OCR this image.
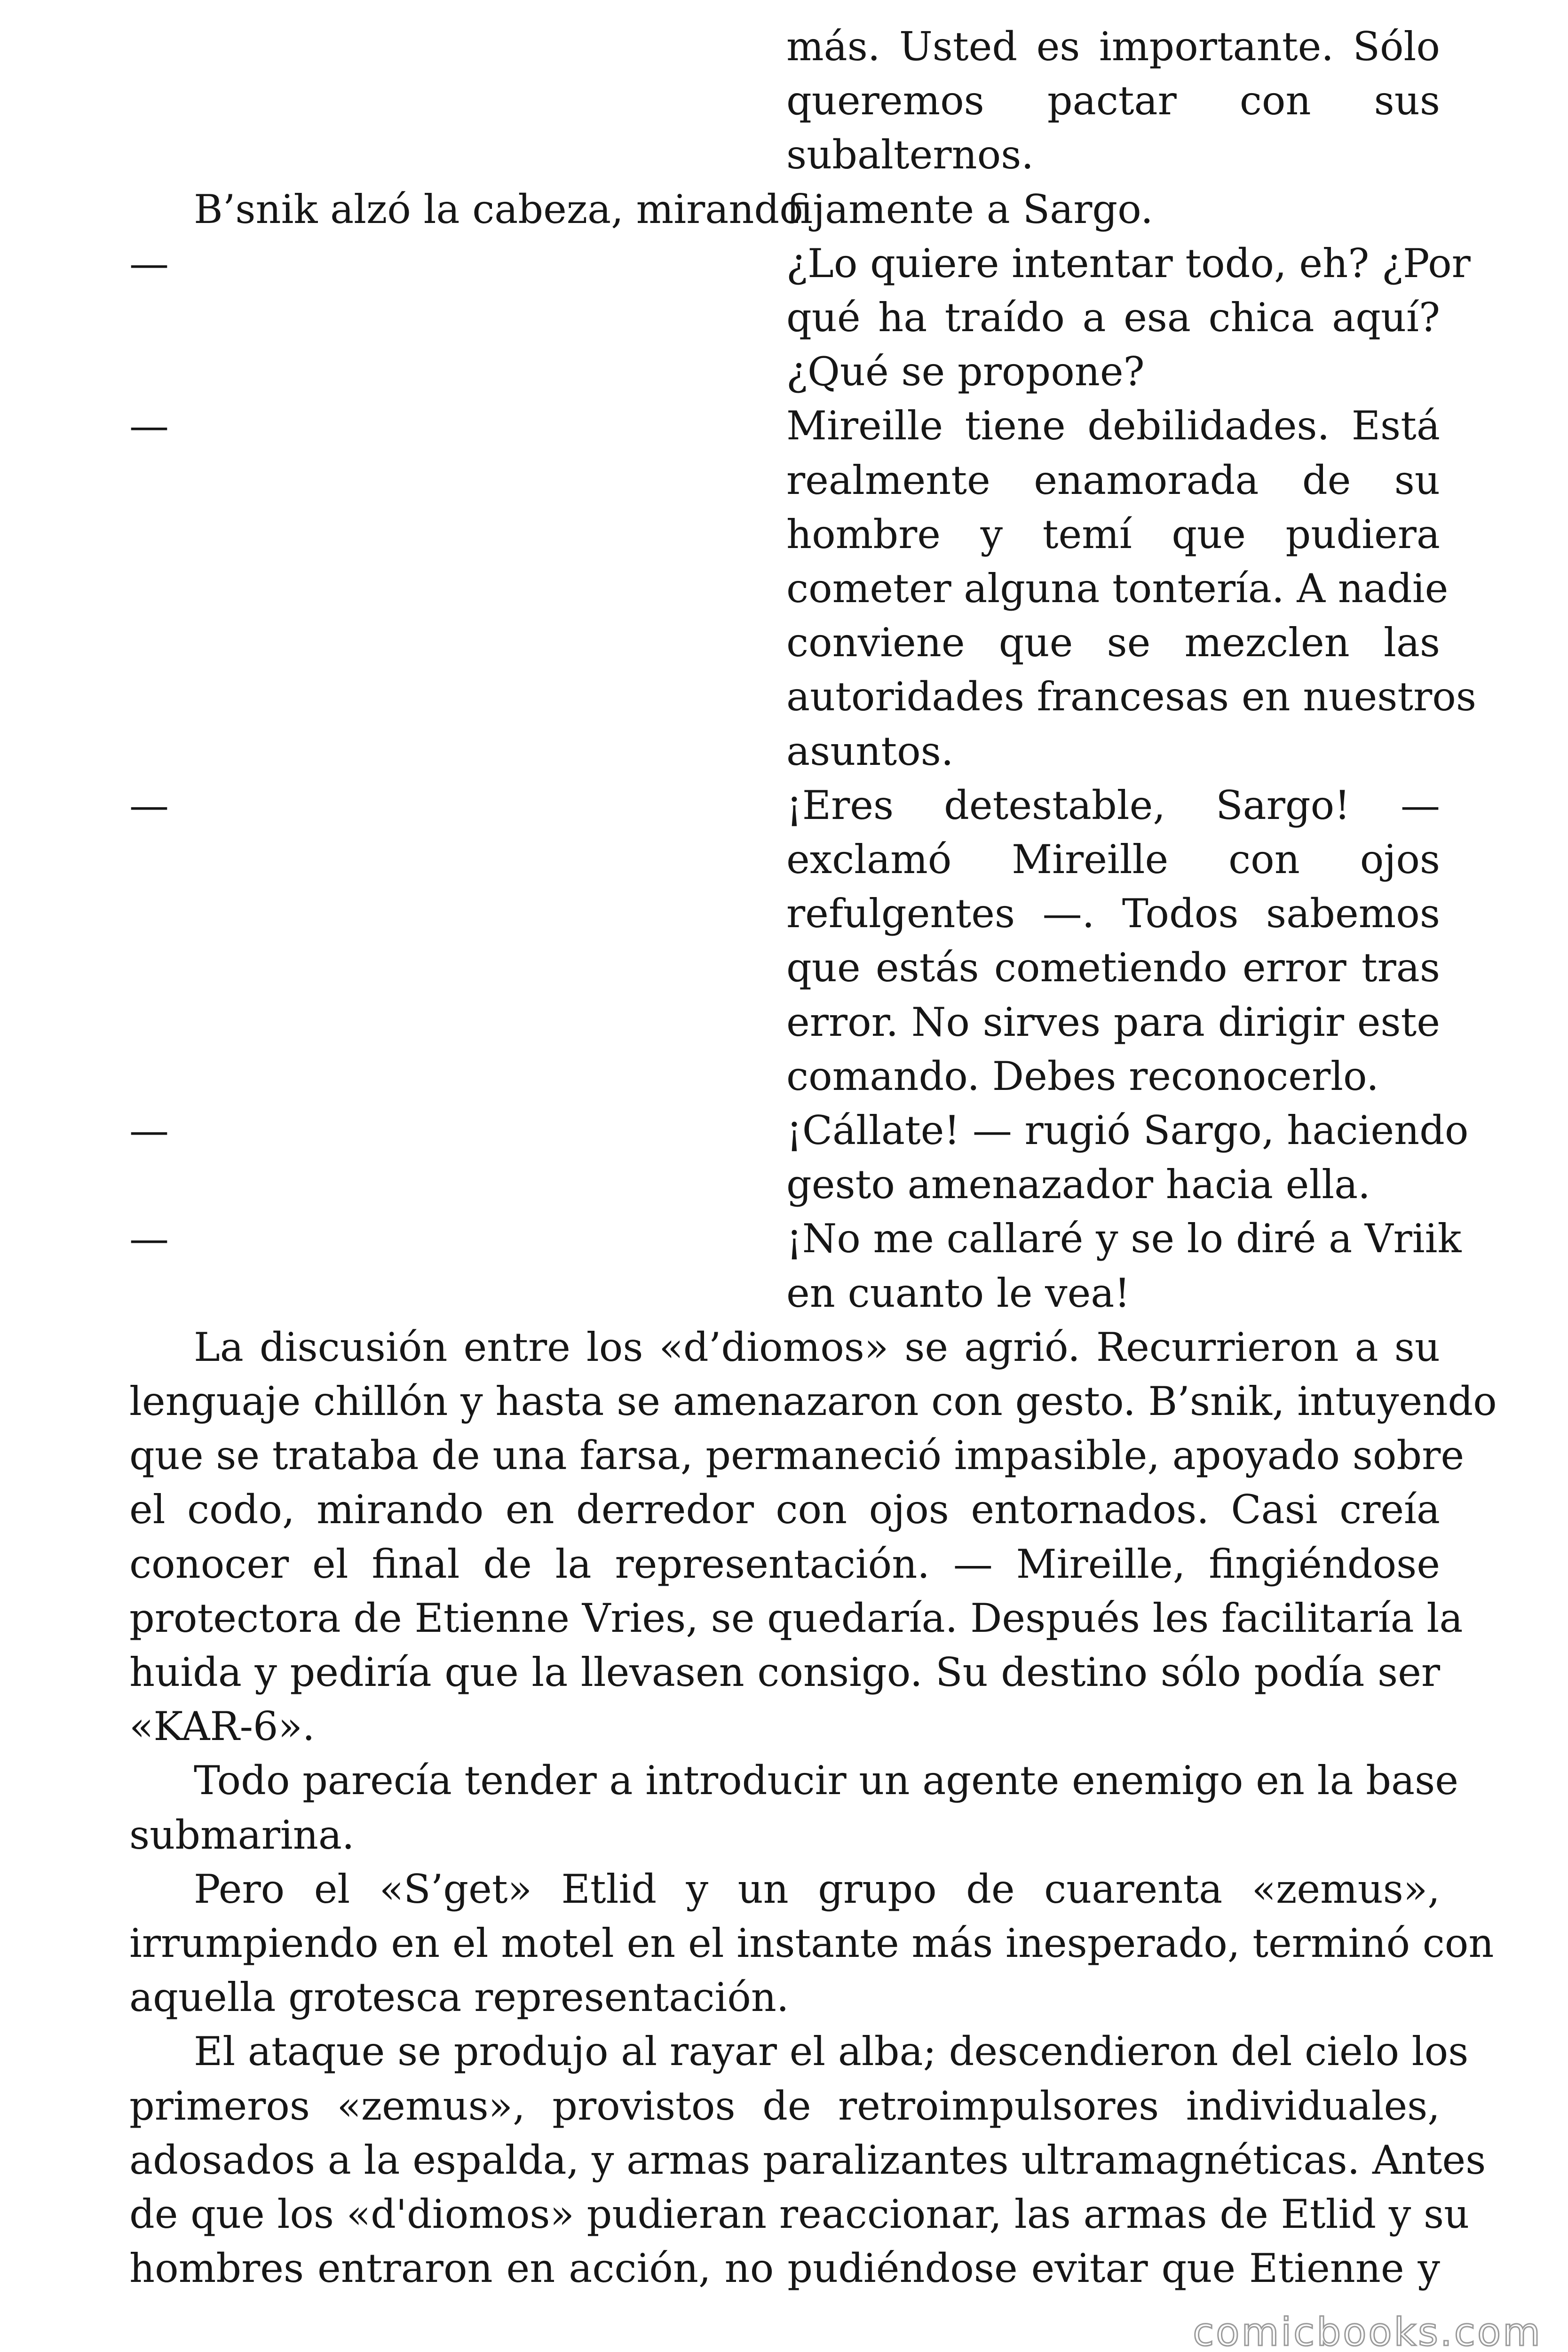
más. Usted es importante. Sólo
queremos pactar con sus
subalternos.
B’snik alzó la cabeza, mirando
fijamente a Sargo.
—	¿Lo quiere intentar todo, eh? ¿Por
qué ha traído a esa chica aquí?
¿Qué se propone?
—	Mireille tiene debilidades. Está
realmente enamorada de su
hombre y temí que pudiera
cometer alguna tontería. A nadie
conviene que se mezclen las
autoridades francesas en nuestros
asuntos.
—	¡Eres detestable, Sargo! —
exclamó Mireille con ojos
refulgentes —. Todos sabemos
que estás cometiendo error tras
error. No sirves para dirigir este
comando. Debes reconocerlo.
—	¡Cállate! — rugió Sargo, haciendo
gesto amenazador hacia ella.
—	¡No me callaré y se lo diré a Vriik
en cuanto le vea!
La discusión entre los «d’diomos» se agrió. Recurrieron a su
lenguaje chillón y hasta se amenazaron con gesto. B’snik, intuyendo
que se trataba de una farsa, permaneció impasible, apoyado sobre
el codo, mirando en derredor con ojos entornados. Casi creía
conocer el final de la representación. — Mireille, fingiéndose
protectora de Etienne Vries, se quedaría. Después les facilitaría la
huida y pediría que la llevasen consigo. Su destino sólo podía ser
«KAR-6».
Todo parecía tender a introducir un agente enemigo en la base
submarina.
Pero el «S’get» Etlid y un grupo de cuarenta «zemus»,
irrumpiendo en el motel en el instante más inesperado, terminó con
aquella grotesca representación.
El ataque se produjo al rayar el alba; descendieron del cielo los
primeros «zemus», provistos de retroimpulsores individuales,
adosados a la espalda, y armas paralizantes ultramagnéticas. Antes
de que los «d'diomos» pudieran reaccionar, las armas de Etlid y su
hombres entraron en acción, no pudiéndose evitar que Etienne y
comicbooks.com
